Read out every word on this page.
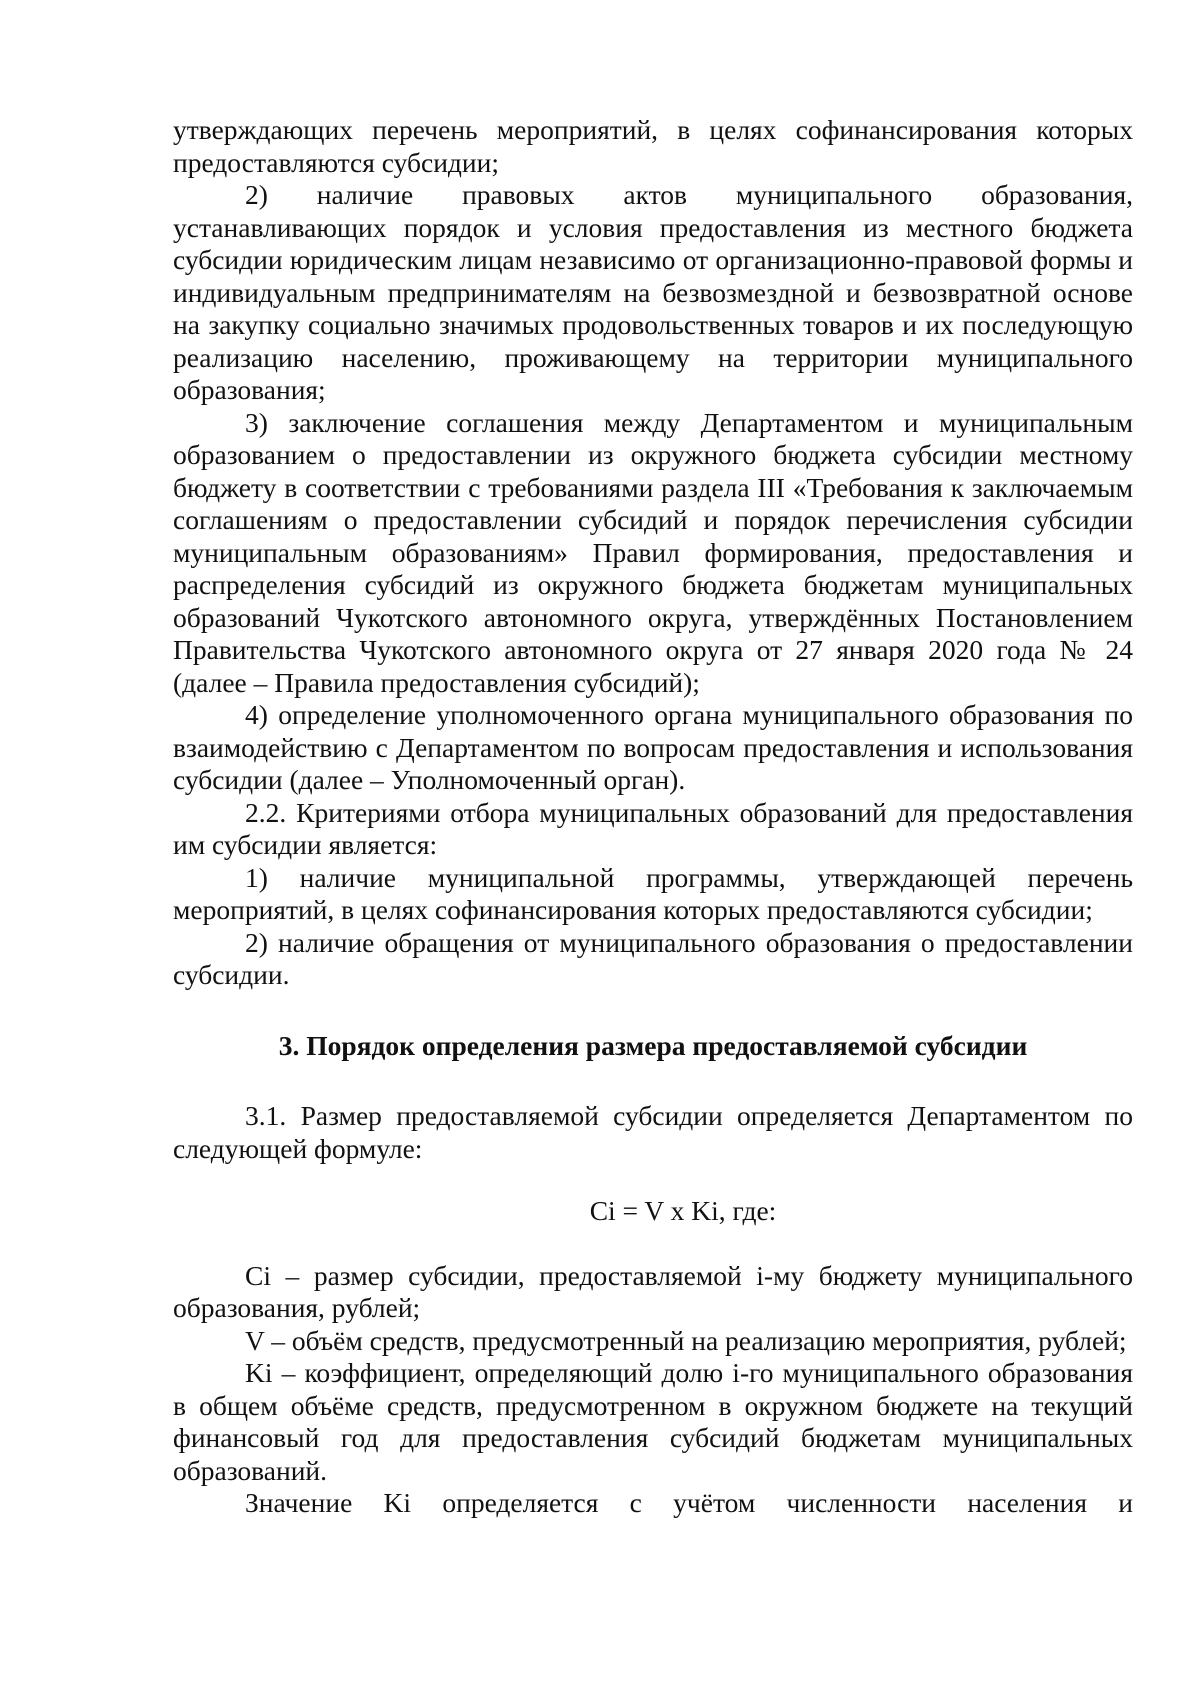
утверждающих перечень мероприятий, в целях софинансирования которых предоставляются субсидии;

2) наличие правовых актов муниципального образования, устанавливающих порядок и условия предоставления из местного бюджета субсидии юридическим лицам независимо от организационно-правовой формы и индивидуальным предпринимателям на безвозмездной и безвозвратной основе на закупку социально значимых продовольственных товаров и их последующую реализацию населению, проживающему на территории муниципального образования;

3) заключение соглашения между Департаментом и муниципальным образованием о предоставлении из окружного бюджета субсидии местному бюджету в соответствии с требованиями раздела III «Требования к заключаемым соглашениям о предоставлении субсидий и порядок перечисления субсидии муниципальным образованиям» Правил формирования, предоставления и распределения субсидий из окружного бюджета бюджетам муниципальных образований Чукотского автономного округа, утверждённых Постановлением Правительства Чукотского автономного округа от 27 января 2020 года № 24 (далее – Правила предоставления субсидий);

4) определение уполномоченного органа муниципального образования по взаимодействию с Департаментом по вопросам предоставления и использования субсидии (далее – Уполномоченный орган).

2.2. Критериями отбора муниципальных образований для предоставления им субсидии является:

1) наличие муниципальной программы, утверждающей перечень мероприятий, в целях софинансирования которых предоставляются субсидии;

2) наличие обращения от муниципального образования о предоставлении субсидии.

3. Порядок определения размера предоставляемой субсидии

3.1. Размер предоставляемой субсидии определяется Департаментом по следующей формуле:

Ci = V x Ki, где:

Ci – размер субсидии, предоставляемой i-му бюджету муниципального образования, рублей;

V – объём средств, предусмотренный на реализацию мероприятия, рублей;

Ki – коэффициент, определяющий долю i-го муниципального образования в общем объёме средств, предусмотренном в окружном бюджете на текущий финансовый год для предоставления субсидий бюджетам муниципальных образований.

Значение Ki определяется с учётом численности населения и
